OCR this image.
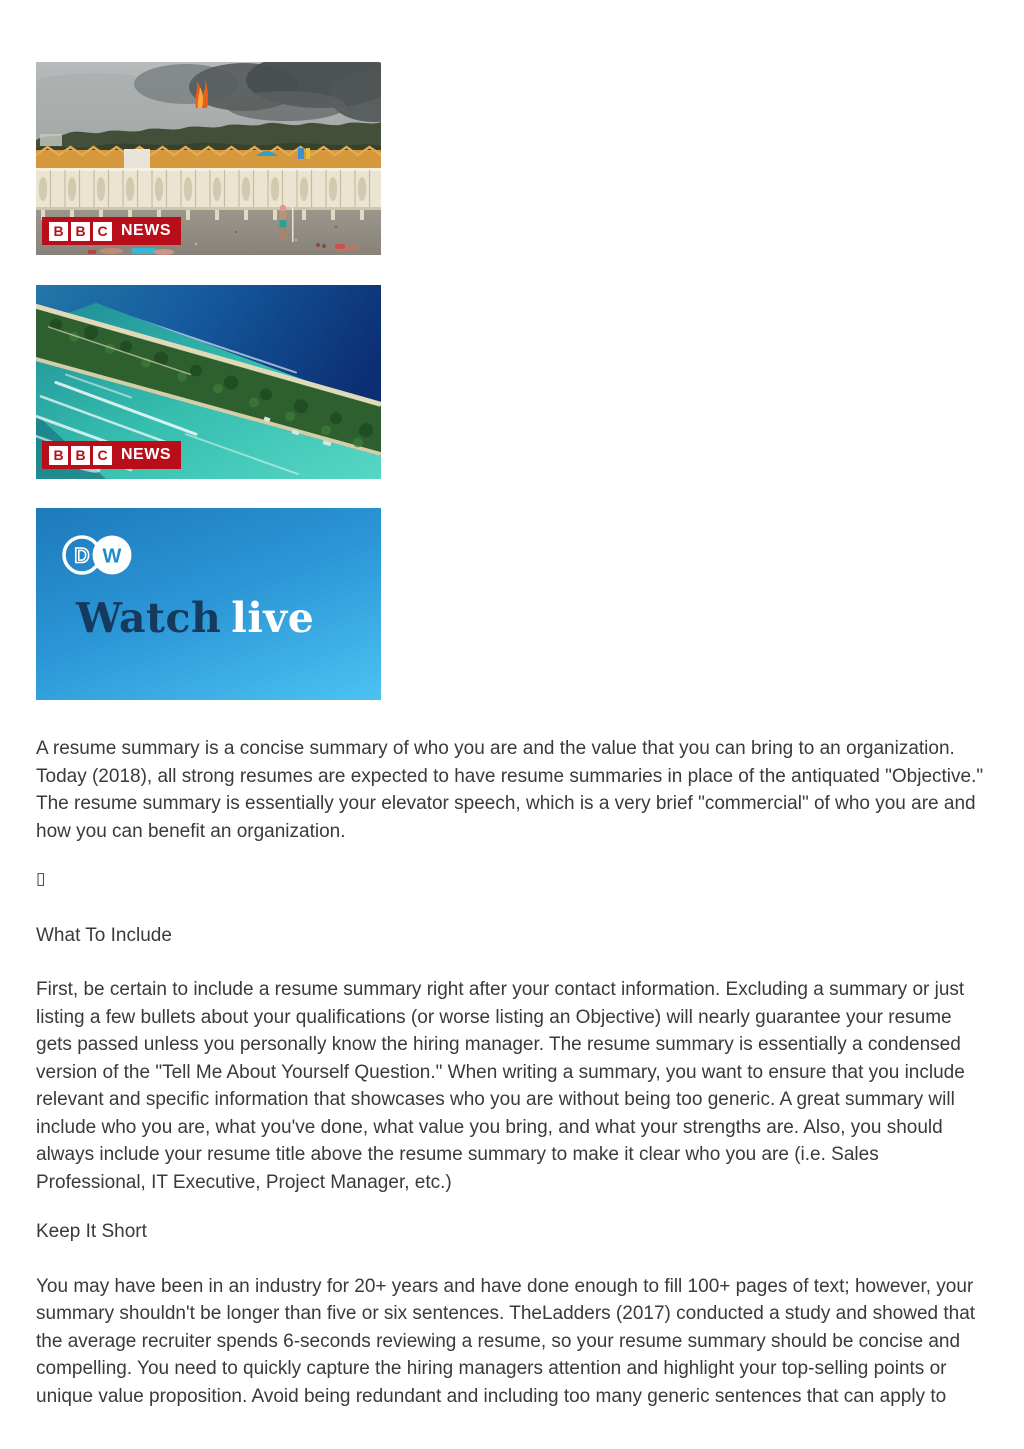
B B C NEWS
B B C NEWS
D W
Watch live

A resume summary is a concise summary of who you are and the value that you can bring to an organization. Today (2018), all strong resumes are expected to have resume summaries in place of the antiquated "Objective." The resume summary is essentially your elevator speech, which is a very brief "commercial" of who you are and how you can benefit an organization.

▯

What To Include

First, be certain to include a resume summary right after your contact information. Excluding a summary or just listing a few bullets about your qualifications (or worse listing an Objective) will nearly guarantee your resume gets passed unless you personally know the hiring manager. The resume summary is essentially a condensed version of the "Tell Me About Yourself Question." When writing a summary, you want to ensure that you include relevant and specific information that showcases who you are without being too generic. A great summary will include who you are, what you've done, what value you bring, and what your strengths are. Also, you should always include your resume title above the resume summary to make it clear who you are (i.e. Sales Professional, IT Executive, Project Manager, etc.)

Keep It Short

You may have been in an industry for 20+ years and have done enough to fill 100+ pages of text; however, your summary shouldn't be longer than five or six sentences. TheLadders (2017) conducted a study and showed that the average recruiter spends 6-seconds reviewing a resume, so your resume summary should be concise and compelling. You need to quickly capture the hiring managers attention and highlight your top-selling points or unique value proposition. Avoid being redundant and including too many generic sentences that can apply to
